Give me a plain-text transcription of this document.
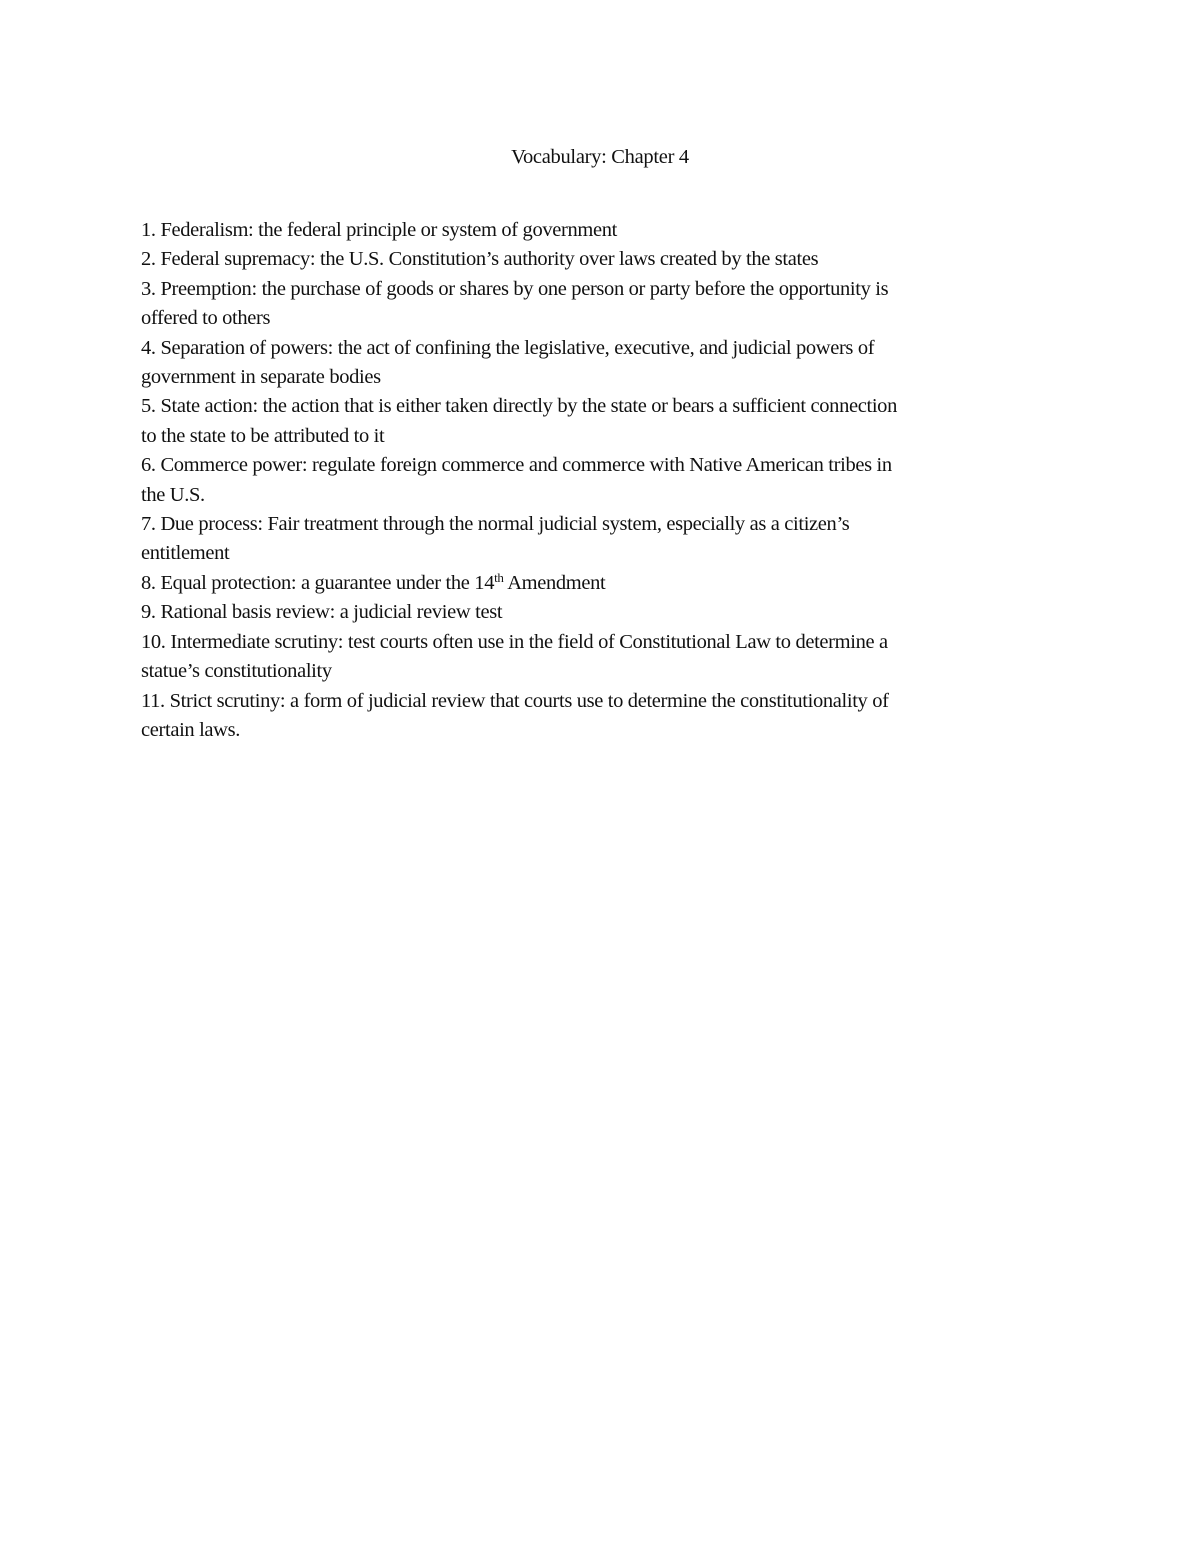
Vocabulary: Chapter 4
1. Federalism: the federal principle or system of government
2. Federal supremacy: the U.S. Constitution’s authority over laws created by the states
3. Preemption: the purchase of goods or shares by one person or party before the opportunity is
offered to others
4. Separation of powers: the act of confining the legislative, executive, and judicial powers of
government in separate bodies
5. State action: the action that is either taken directly by the state or bears a sufficient connection
to the state to be attributed to it
6. Commerce power: regulate foreign commerce and commerce with Native American tribes in
the U.S.
7. Due process: Fair treatment through the normal judicial system, especially as a citizen’s
entitlement
8. Equal protection: a guarantee under the 14th Amendment
9. Rational basis review: a judicial review test
10. Intermediate scrutiny: test courts often use in the field of Constitutional Law to determine a
statue’s constitutionality
11. Strict scrutiny: a form of judicial review that courts use to determine the constitutionality of
certain laws.
